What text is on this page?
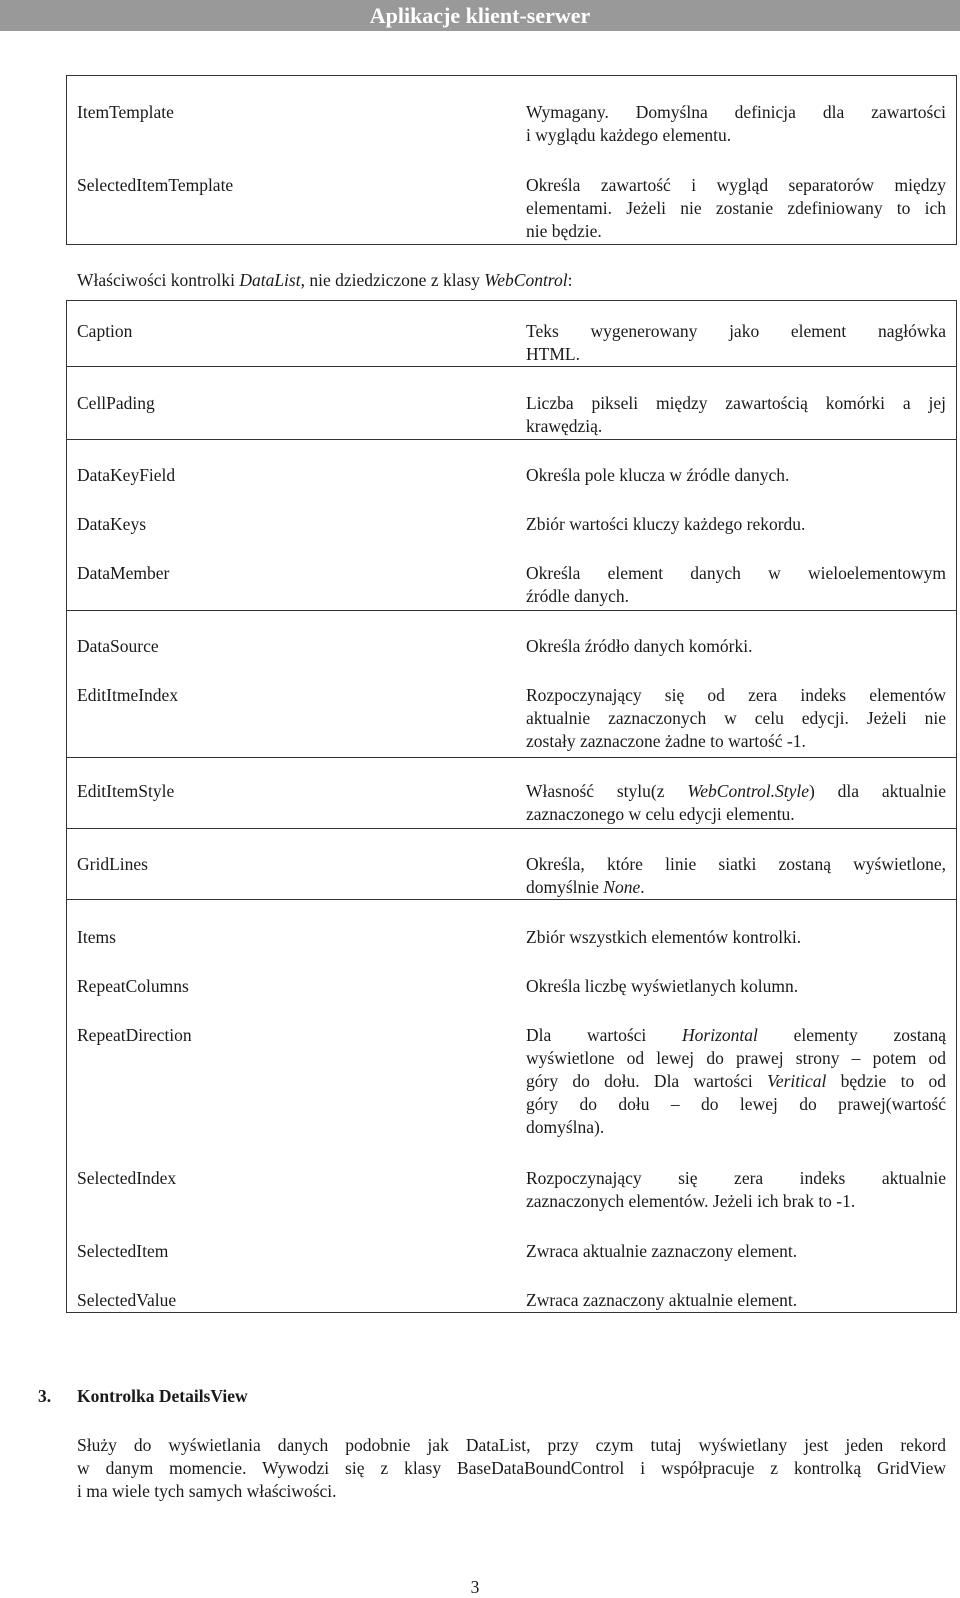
Aplikacje klient-serwer
ItemTemplate	Wymagany. Domyślna definicja dla zawartości
i wyglądu każdego elementu.
SelectedItemTemplate	Określa zawartość i wygląd separatorów między
elementami. Jeżeli nie zostanie zdefiniowany to ich
nie będzie.
Właściwości kontrolki DataList, nie dziedziczone z klasy WebControl:
Caption	Teks wygenerowany jako element nagłówka
HTML.
CellPading	Liczba pikseli między zawartością komórki a jej
krawędzią.
DataKeyField	Określa pole klucza w źródle danych.
DataKeys	Zbiór wartości kluczy każdego rekordu.
DataMember	Określa element danych w wieloelementowym
źródle danych.
DataSource	Określa źródło danych komórki.
EditItmeIndex	Rozpoczynający się od zera indeks elementów
aktualnie zaznaczonych w celu edycji. Jeżeli nie
zostały zaznaczone żadne to wartość -1.
EditItemStyle	Własność stylu(z WebControl.Style) dla aktualnie
zaznaczonego w celu edycji elementu.
GridLines	Określa, które linie siatki zostaną wyświetlone,
domyślnie None.
Items	Zbiór wszystkich elementów kontrolki.
RepeatColumns	Określa liczbę wyświetlanych kolumn.
RepeatDirection	Dla wartości Horizontal elementy zostaną
wyświetlone od lewej do prawej strony – potem od
góry do dołu. Dla wartości Veritical będzie to od
góry do dołu – do lewej do prawej(wartość
domyślna).
SelectedIndex	Rozpoczynający się zera indeks aktualnie
zaznaczonych elementów. Jeżeli ich brak to -1.
SelectedItem	Zwraca aktualnie zaznaczony element.
SelectedValue	Zwraca zaznaczony aktualnie element.
3. Kontrolka DetailsView
Służy do wyświetlania danych podobnie jak DataList, przy czym tutaj wyświetlany jest jeden rekord
w danym momencie. Wywodzi się z klasy BaseDataBoundControl i współpracuje z kontrolką GridView
i ma wiele tych samych właściwości.
3
